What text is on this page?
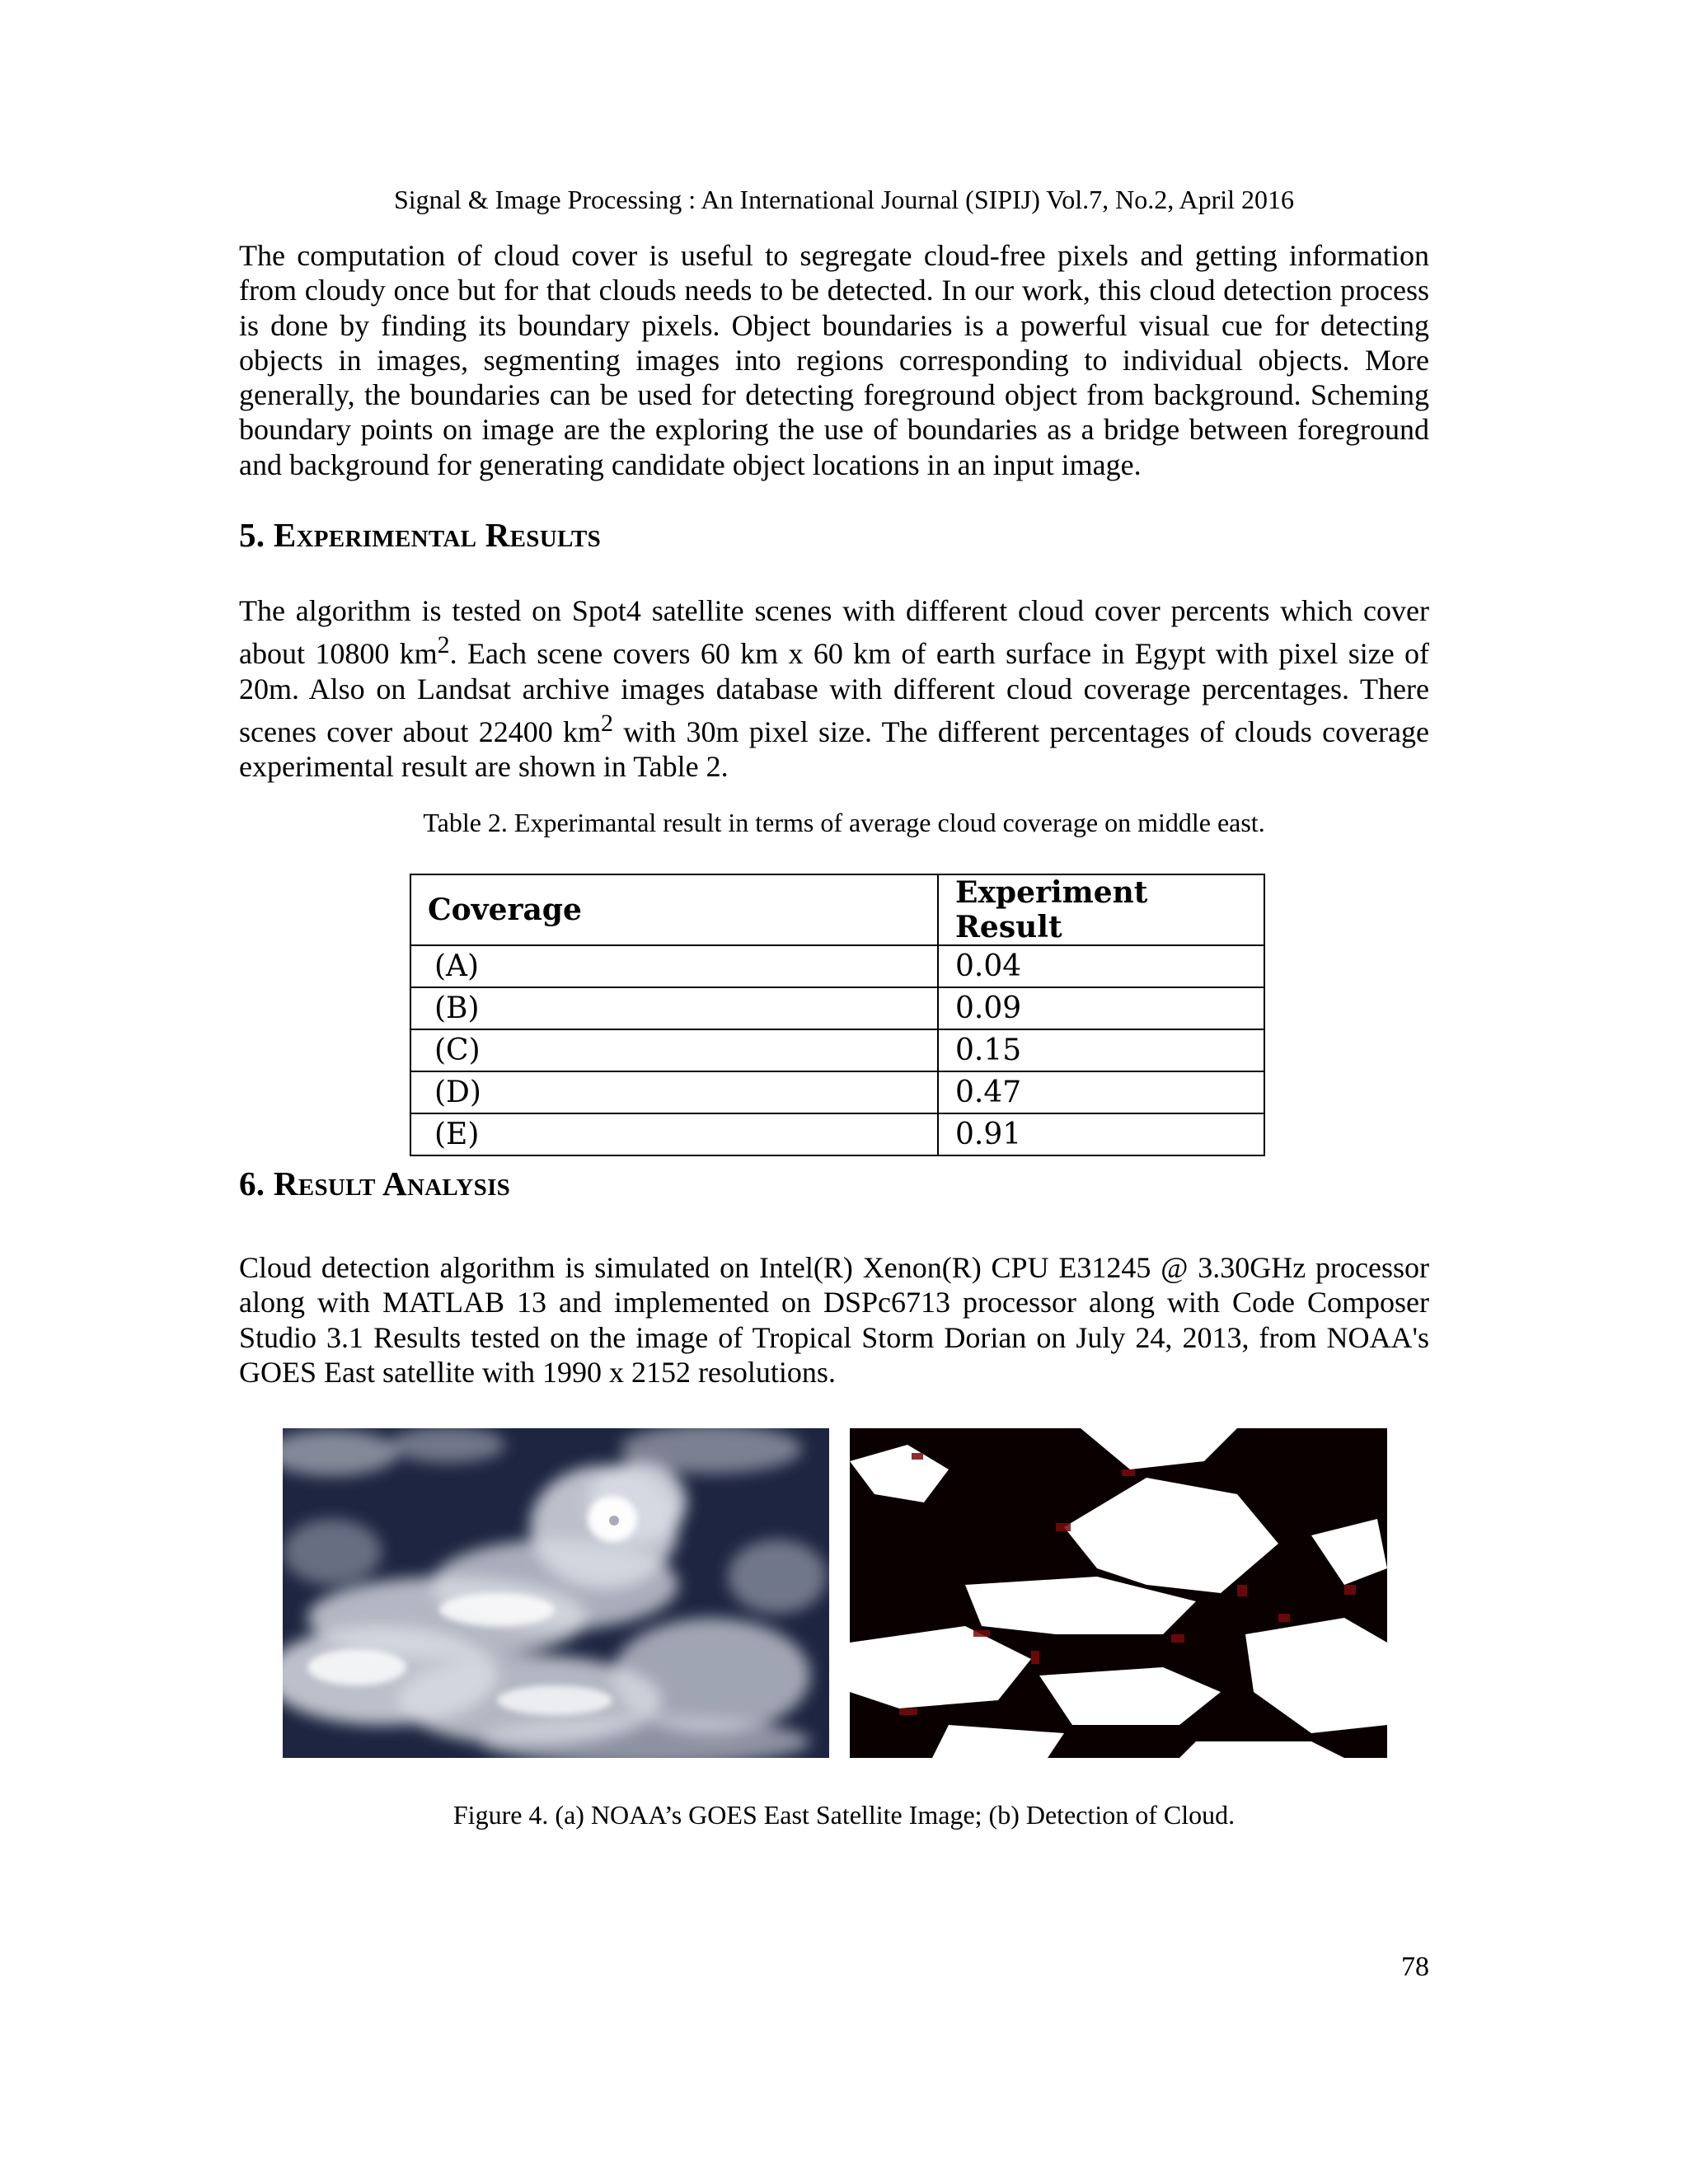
Signal & Image Processing : An International Journal (SIPIJ) Vol.7, No.2, April 2016

The computation of cloud cover is useful to segregate cloud-free pixels and getting information from cloudy once but for that clouds needs to be detected. In our work, this cloud detection process is done by finding its boundary pixels. Object boundaries is a powerful visual cue for detecting objects in images, segmenting images into regions corresponding to individual objects. More generally, the boundaries can be used for detecting foreground object from background. Scheming boundary points on image are the exploring the use of boundaries as a bridge between foreground and background for generating candidate object locations in an input image.

5. Experimental Results

The algorithm is tested on Spot4 satellite scenes with different cloud cover percents which cover about 10800 $km^2$. Each scene covers 60 km x 60 km of earth surface in Egypt with pixel size of 20m. Also on Landsat archive images database with different cloud coverage percentages. There scenes cover about 22400 $km^2$ with 30m pixel size. The different percentages of clouds coverage experimental result are shown in Table 2.

Table 2. Experimantal result in terms of average cloud coverage on middle east.
Coverage	Experiment Result
(A)	0.04
(B)	0.09
(C)	0.15
(D)	0.47
(E)	0.91
6. Result Analysis

Cloud detection algorithm is simulated on Intel(R) Xenon(R) CPU E31245 @ 3.30GHz processor along with MATLAB 13 and implemented on DSPc6713 processor along with Code Composer Studio 3.1 Results tested on the image of Tropical Storm Dorian on July 24, 2013, from NOAA's GOES East satellite with 1990 x 2152 resolutions.

Figure 4. (a) NOAA’s GOES East Satellite Image; (b) Detection of Cloud.
78
